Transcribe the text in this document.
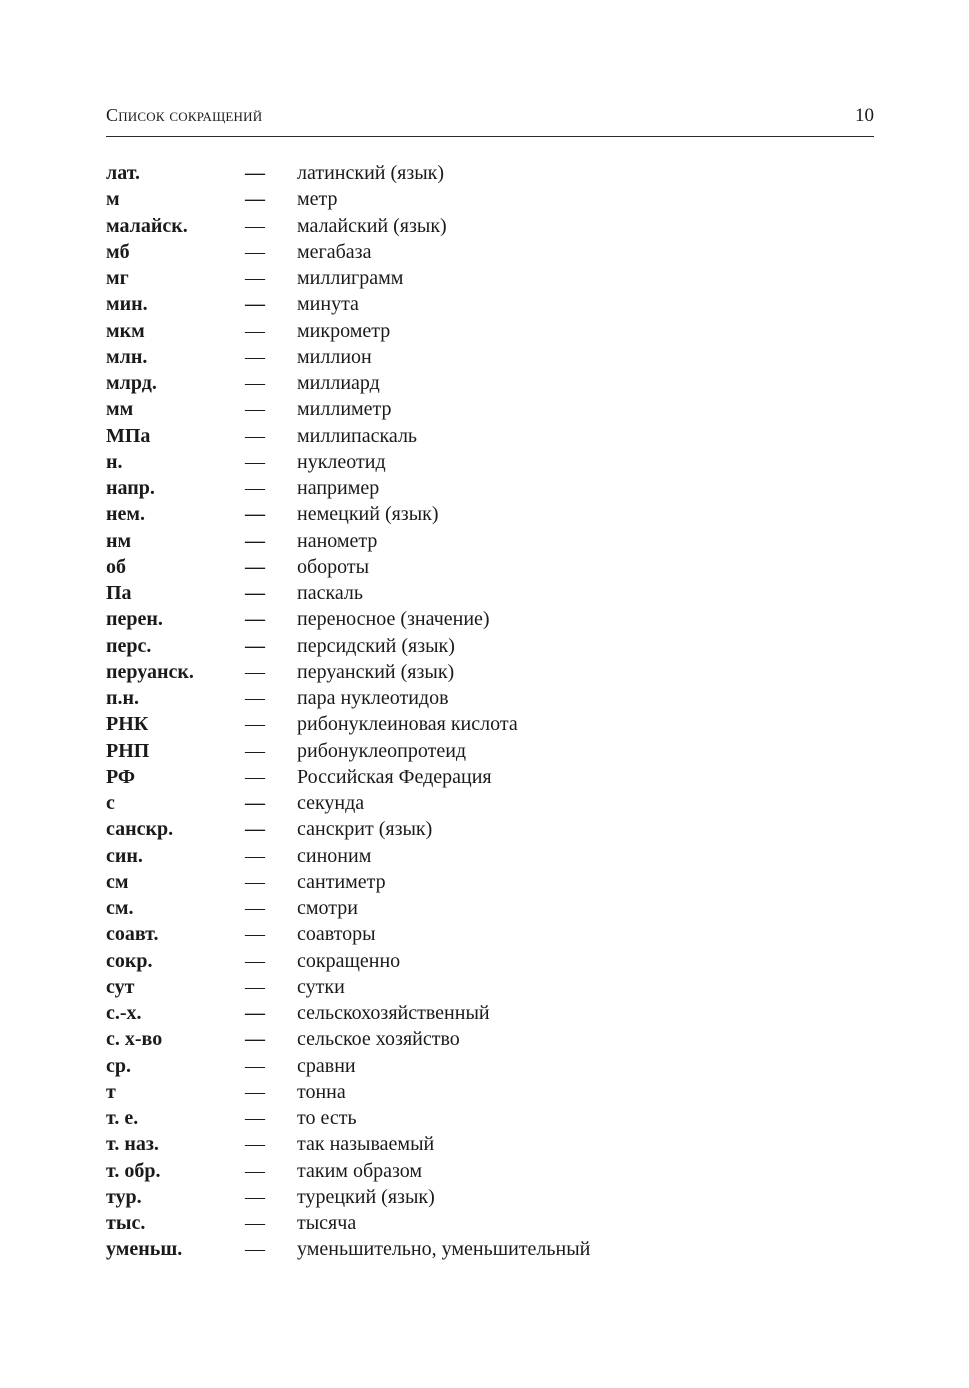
Список сокращений	10
лат.	— латинский (язык)
м	— метр
малайск.	— малайский (язык)
мб	— мегабаза
мг	— миллиграмм
мин.	— минута
мкм	— микрометр
млн.	— миллион
млрд.	— миллиард
мм	— миллиметр
МПа	— миллипаскаль
н.	— нуклеотид
напр.	— например
нем.	— немецкий (язык)
нм	— нанометр
об	— обороты
Па	— паскаль
перен.	— переносное (значение)
перс.	— персидский (язык)
перуанск.	— перуанский (язык)
п.н.	— пара нуклеотидов
РНК	— рибонуклеиновая кислота
РНП	— рибонуклеопротеид
РФ	— Российская Федерация
с	— секунда
санскр.	— санскрит (язык)
син.	— синоним
см	— сантиметр
см.	— смотри
соавт.	— соавторы
сокр.	— сокращенно
сут	— сутки
с.-х.	— сельскохозяйственный
с. х-во	— сельское хозяйство
ср.	— сравни
т	— тонна
т. е.	— то есть
т. наз.	— так называемый
т. обр.	— таким образом
тур.	— турецкий (язык)
тыс.	— тысяча
уменьш.	— уменьшительно, уменьшительный
